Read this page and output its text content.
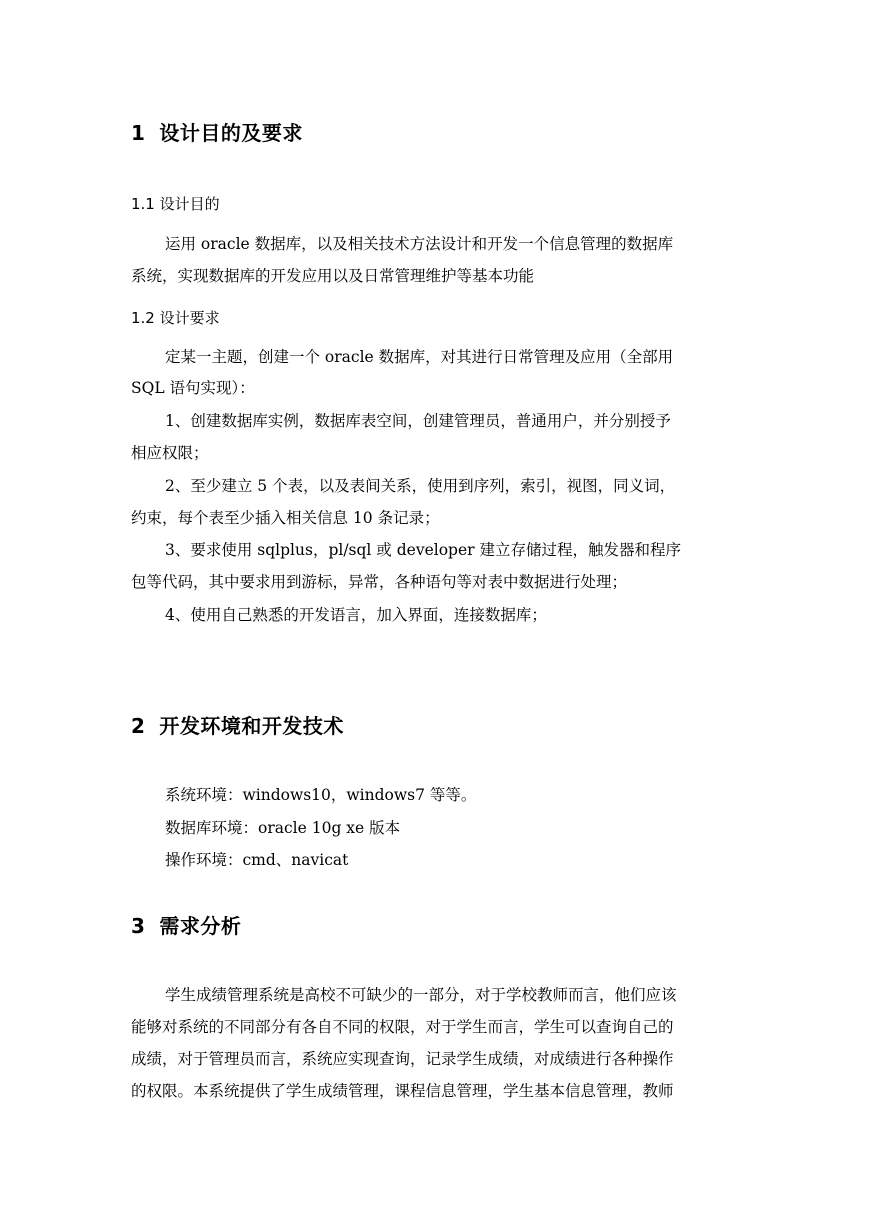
1 设计目的及要求
1.1 设计目的
运用 oracle 数据库，以及相关技术方法设计和开发一个信息管理的数据库
系统，实现数据库的开发应用以及日常管理维护等基本功能
1.2 设计要求
定某一主题，创建一个 oracle 数据库，对其进行日常管理及应用（全部用
SQL 语句实现）：
1、创建数据库实例，数据库表空间，创建管理员，普通用户，并分别授予
相应权限；
2、至少建立 5 个表，以及表间关系，使用到序列，索引，视图，同义词，
约束，每个表至少插入相关信息 10 条记录；
3、要求使用 sqlplus，pl/sql 或 developer 建立存储过程，触发器和程序
包等代码，其中要求用到游标，异常，各种语句等对表中数据进行处理；
4、使用自己熟悉的开发语言，加入界面，连接数据库；
2 开发环境和开发技术
系统环境：windows10，windows7 等等。
数据库环境：oracle 10g xe 版本
操作环境：cmd、navicat
3 需求分析
学生成绩管理系统是高校不可缺少的一部分，对于学校教师而言，他们应该
能够对系统的不同部分有各自不同的权限，对于学生而言，学生可以查询自己的
成绩，对于管理员而言，系统应实现查询，记录学生成绩，对成绩进行各种操作
的权限。本系统提供了学生成绩管理，课程信息管理，学生基本信息管理，教师
